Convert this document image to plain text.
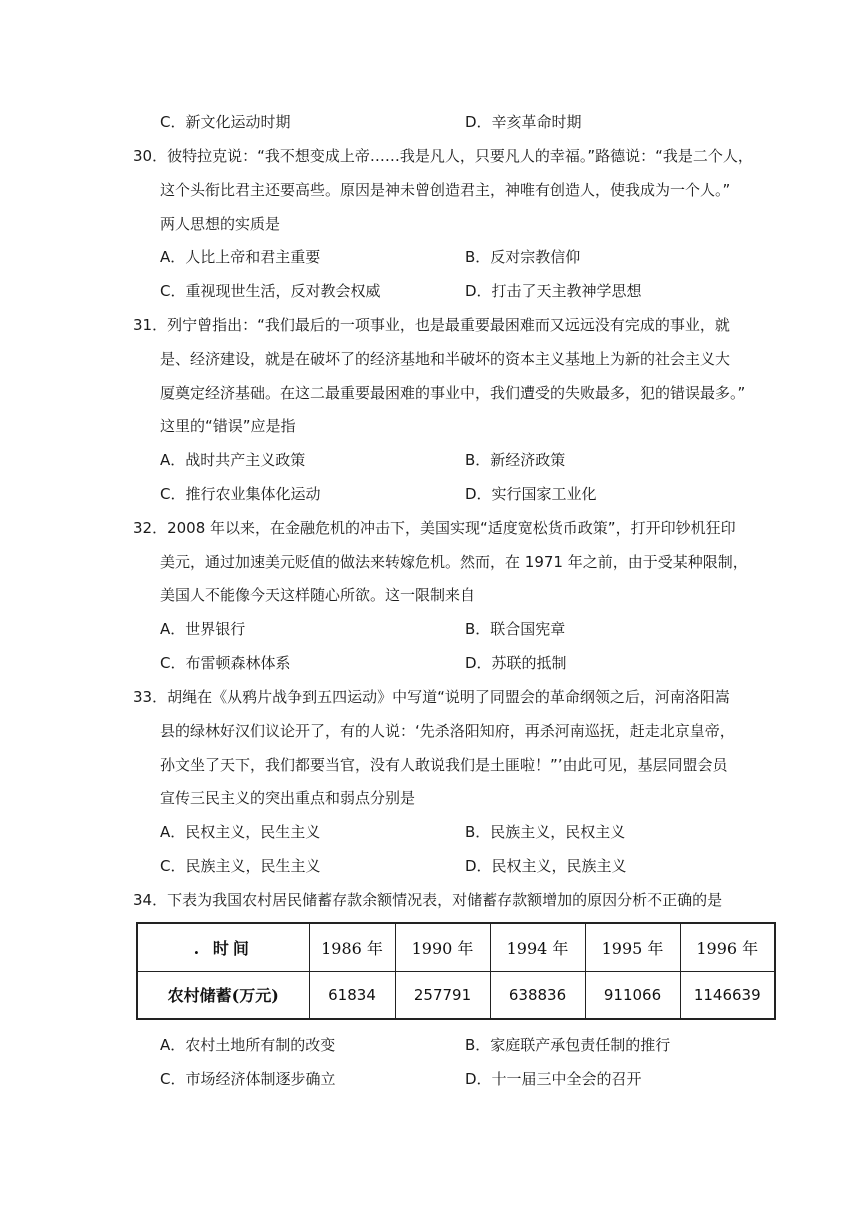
C．新文化运动时期	D．辛亥革命时期
30．彼特拉克说：“我不想变成上帝……我是凡人，只要凡人的幸福。”路德说：“我是二个人，
这个头衔比君主还要高些。原因是神未曾创造君主，神唯有创造人，使我成为一个人。”
两人思想的实质是
A．人比上帝和君主重要	B．反对宗教信仰
C．重视现世生活，反对教会权威	D．打击了天主教神学思想
31．列宁曾指出：“我们最后的一项事业，也是最重要最困难而又远远没有完成的事业，就
是、经济建设，就是在破坏了的经济基地和半破坏的资本主义基地上为新的社会主义大
厦奠定经济基础。在这二最重要最困难的事业中，我们遭受的失败最多，犯的错误最多。”
这里的“错误”应是指
A．战时共产主义政策	B．新经济政策
C．推行农业集体化运动	D．实行国家工业化
32．2008 年以来，在金融危机的冲击下，美国实现“适度宽松货币政策”，打开印钞机狂印
美元，通过加速美元贬值的做法来转嫁危机。然而，在 1971 年之前，由于受某种限制，
美国人不能像今天这样随心所欲。这一限制来自
A．世界银行	B．联合国宪章
C．布雷顿森林体系	D．苏联的抵制
33．胡绳在《从鸦片战争到五四运动》中写道“说明了同盟会的革命纲领之后，河南洛阳嵩
县的绿林好汉们议论开了，有的人说：‘先杀洛阳知府，再杀河南巡抚，赶走北京皇帝，
孙文坐了天下，我们都要当官，没有人敢说我们是土匪啦！”’由此可见，基层同盟会员
宣传三民主义的突出重点和弱点分别是
A．民权主义，民生主义	B．民族主义，民权主义
C．民族主义，民生主义	D．民权主义，民族主义
34．下表为我国农村居民储蓄存款余额情况表，对储蓄存款额增加的原因分析不正确的是
. 时间	1986 年	1990 年	1994 年	1995 年	1996 年
农村储蓄(万元)	61834	257791	638836	911066	1146639
A．农村土地所有制的改变	B．家庭联产承包责任制的推行
C．市场经济体制逐步确立	D．十一届三中全会的召开
